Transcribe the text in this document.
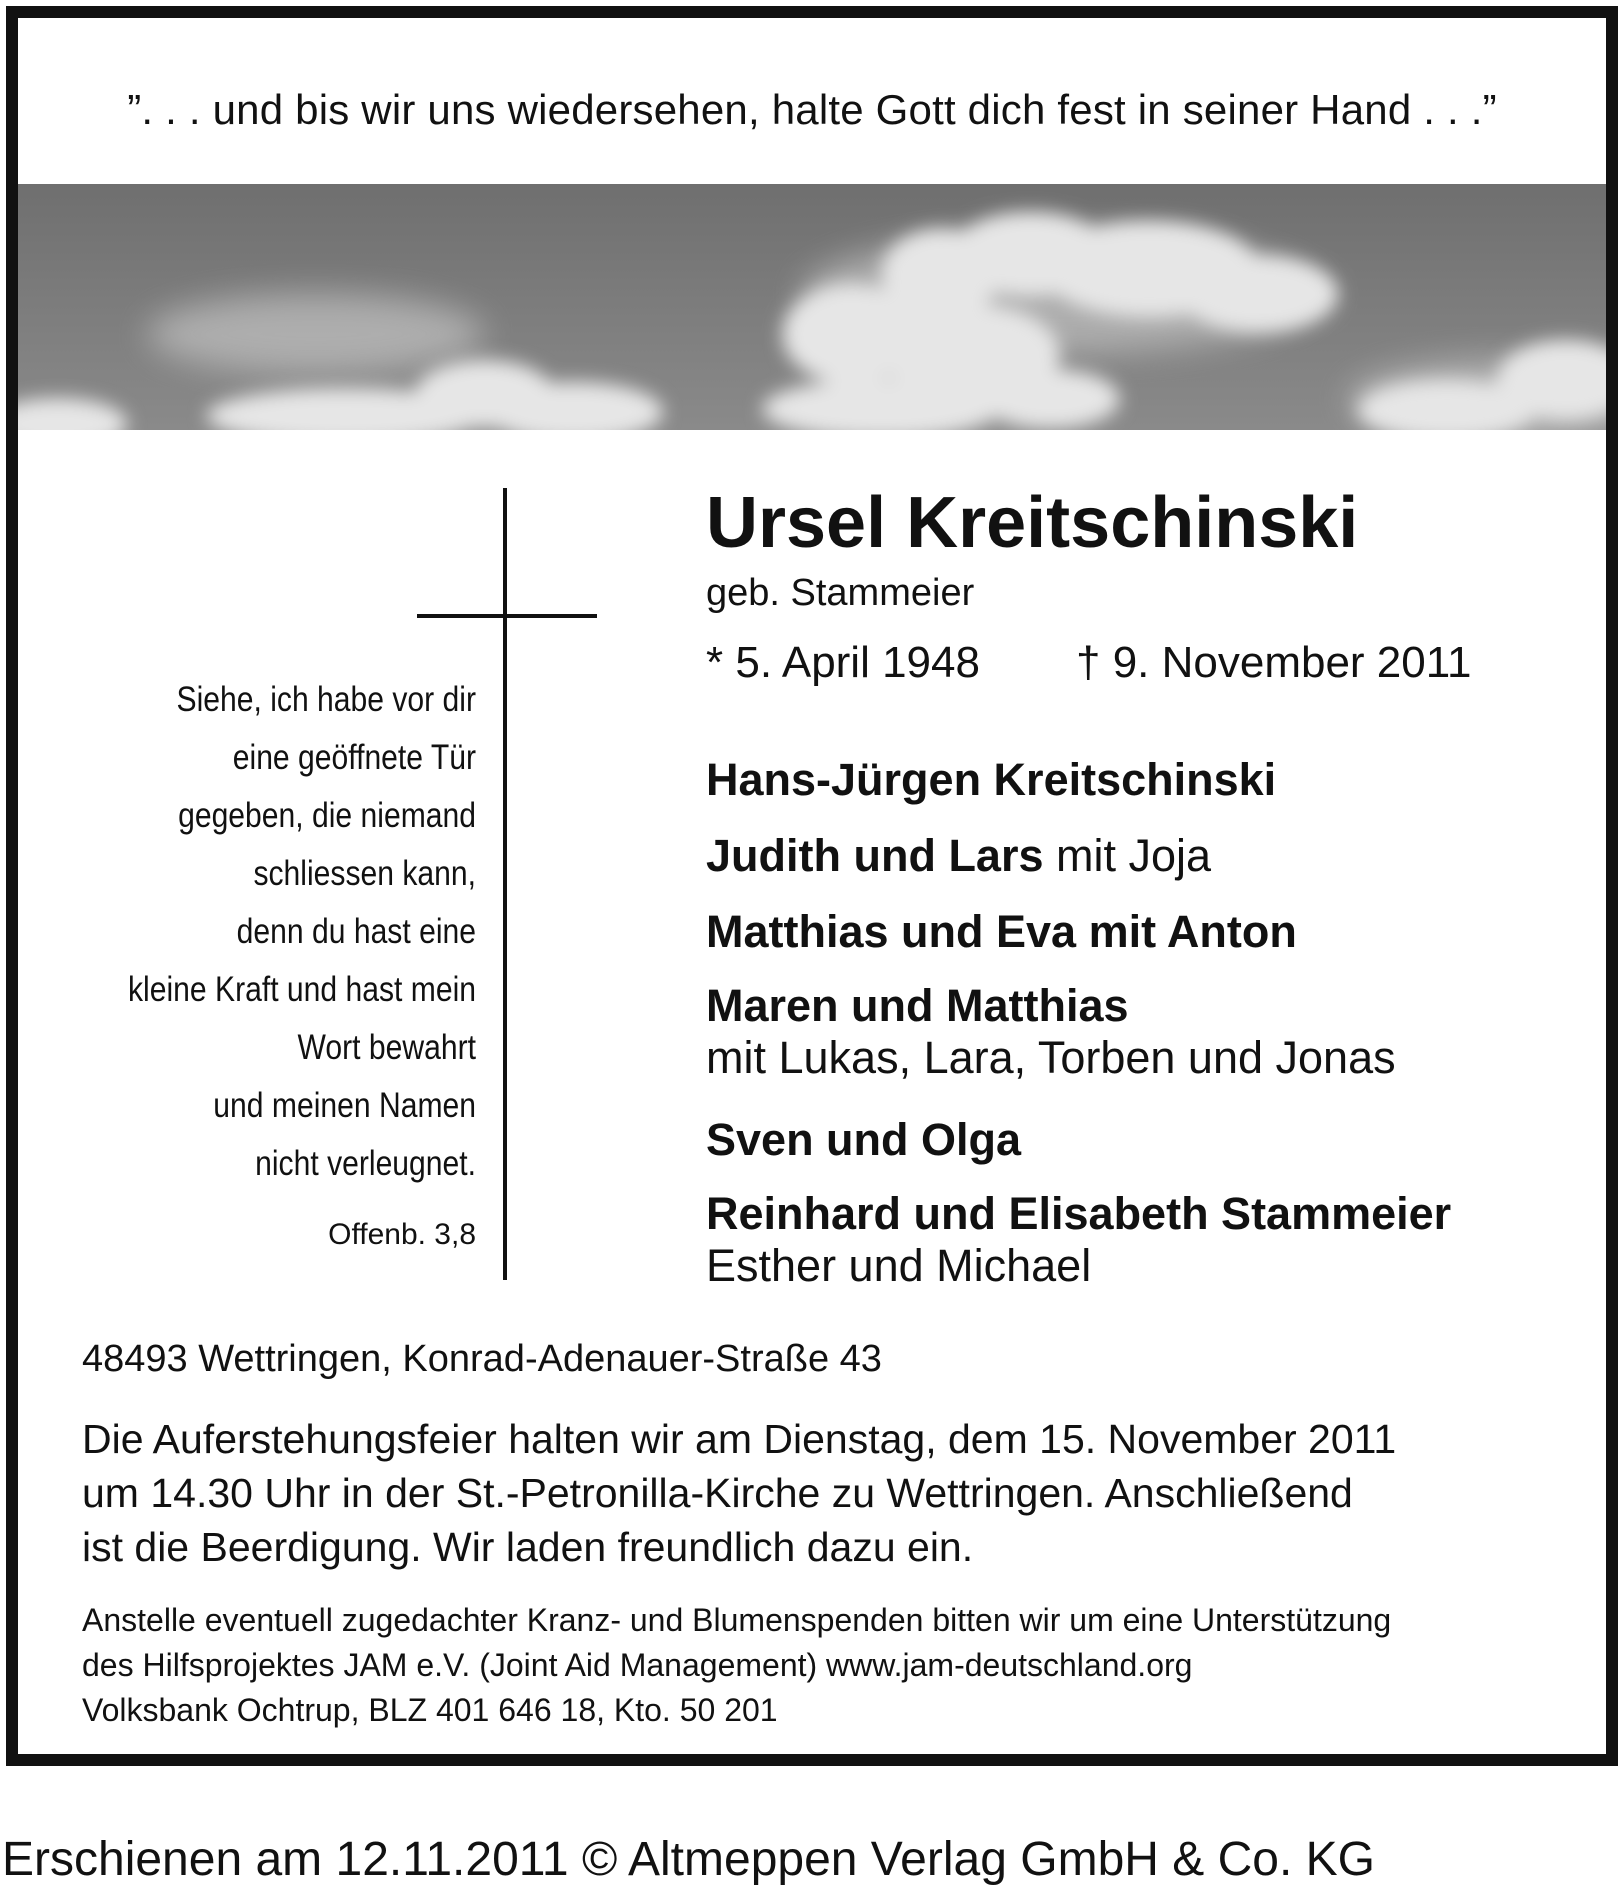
”. . . und bis wir uns wiedersehen, halte Gott dich fest in seiner Hand . . .”
Siehe, ich habe vor dir
eine geöffnete Tür
gegeben, die niemand
schliessen kann,
denn du hast eine
kleine Kraft und hast mein
Wort bewahrt
und meinen Namen
nicht verleugnet.
Offenb. 3,8
Ursel Kreitschinski
geb. Stammeier
* 5. April 1948 † 9. November 2011
Hans-Jürgen Kreitschinski
Judith und Lars mit Joja
Matthias und Eva mit Anton
Maren und Matthias
mit Lukas, Lara, Torben und Jonas
Sven und Olga
Reinhard und Elisabeth Stammeier
Esther und Michael
48493 Wettringen, Konrad-Adenauer-Straße 43
Die Auferstehungsfeier halten wir am Dienstag, dem 15. November 2011
um 14.30 Uhr in der St.-Petronilla-Kirche zu Wettringen. Anschließend
ist die Beerdigung. Wir laden freundlich dazu ein.
Anstelle eventuell zugedachter Kranz- und Blumenspenden bitten wir um eine Unterstützung
des Hilfsprojektes JAM e.V. (Joint Aid Management) www.jam-deutschland.org
Volksbank Ochtrup, BLZ 401 646 18, Kto. 50 201
Erschienen am 12.11.2011 © Altmeppen Verlag GmbH & Co. KG
